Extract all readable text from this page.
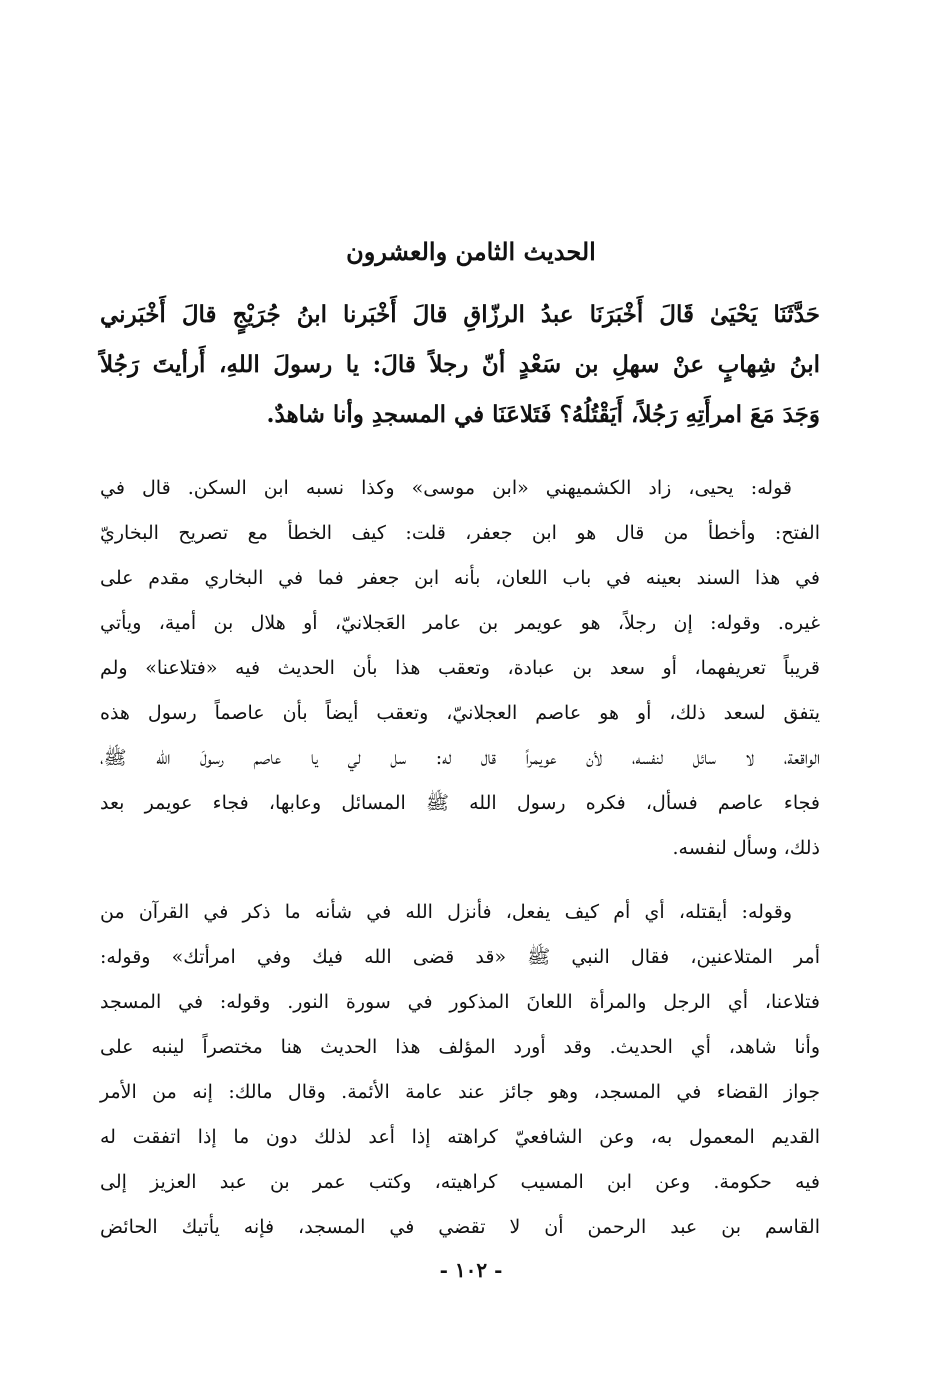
الحديث الثامن والعشرون
حَدَّثَنَا يَحْيَىٰ قَالَ أَخْبَرَنَا عبدُ الرزّاقِ قالَ أَخْبَرنا ابنُ جُرَيْجٍ قالَ أَخْبَرني
ابنُ شِهابٍ عنْ سهلِ بن سَعْدٍ أنّ رجلاً قالَ: يا رسولَ اللهِ، أَرأيتَ رَجُلاً
وَجَدَ مَعَ امرأَتِهِ رَجُلاً، أَيَقْتُلُهُ؟ فَتَلاعَنَا في المسجدِ وأنا شاهدٌ.
قوله: يحيى، زاد الكشميهني «ابن موسى» وكذا نسبه ابن السكن. قال في
الفتح: وأخطأ من قال هو ابن جعفر، قلت: كيف الخطأ مع تصريح البخاريّ
في هذا السند بعينه في باب اللعان، بأنه ابن جعفر فما في البخاري مقدم على
غيره. وقوله: إن رجلاً، هو عويمر بن عامر العَجلانيّ، أو هلال بن أمية، ويأتي
قريباً تعريفهما، أو سعد بن عبادة، وتعقب هذا بأن الحديث فيه «فتلاعنا» ولم
يتفق لسعد ذلك، أو هو عاصم العجلانيّ، وتعقب أيضاً بأن عاصماً رسول هذه
الواقعة، لا سائل لنفسه، لأن عويمراً قال له: سل لي يا عاصم رسولَ الله ﷺ،
فجاء عاصم فسأل، فكره رسول الله ﷺ المسائل وعابها، فجاء عويمر بعد
ذلك، وسأل لنفسه.
وقوله: أيقتله، أي أم كيف يفعل، فأنزل الله في شأنه ما ذكر في القرآن من
أمر المتلاعنين، فقال النبي ﷺ «قد قضى الله فيك وفي امرأتك» وقوله:
فتلاعنا، أي الرجل والمرأة اللعانَ المذكور في سورة النور. وقوله: في المسجد
وأنا شاهد، أي الحديث. وقد أورد المؤلف هذا الحديث هنا مختصراً لينبه على
جواز القضاء في المسجد، وهو جائز عند عامة الأئمة. وقال مالك: إنه من الأمر
القديم المعمول به، وعن الشافعيّ كراهته إذا أعد لذلك دون ما إذا اتفقت له
فيه حكومة. وعن ابن المسيب كراهيته، وكتب عمر بن عبد العزيز إلى
القاسم بن عبد الرحمن أن لا تقضي في المسجد، فإنه يأتيك الحائض
- ١٠٢ -
